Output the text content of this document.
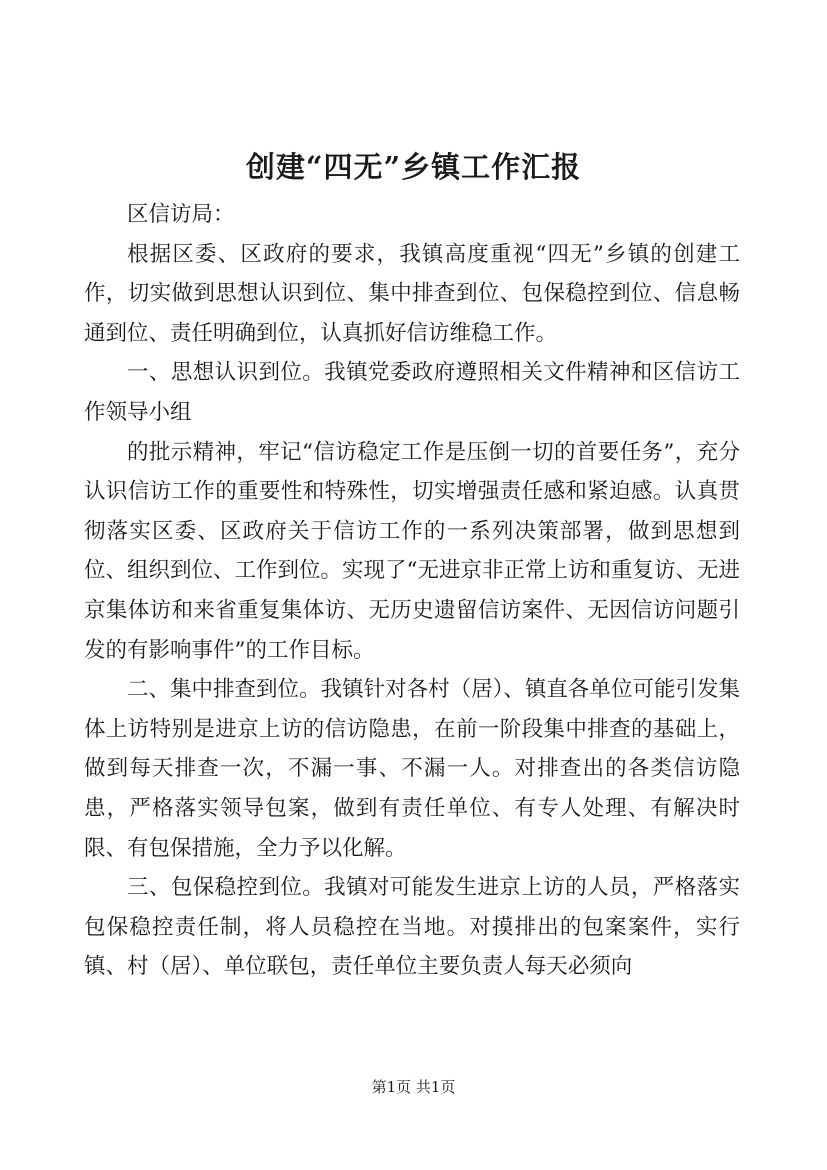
创建“四无”乡镇工作汇报

区信访局：

根据区委、区政府的要求，我镇高度重视“四无”乡镇的创建工作，切实做到思想认识到位、集中排查到位、包保稳控到位、信息畅通到位、责任明确到位，认真抓好信访维稳工作。

一、思想认识到位。我镇党委政府遵照相关文件精神和区信访工作领导小组

的批示精神，牢记“信访稳定工作是压倒一切的首要任务”，充分认识信访工作的重要性和特殊性，切实增强责任感和紧迫感。认真贯彻落实区委、区政府关于信访工作的一系列决策部署，做到思想到位、组织到位、工作到位。实现了“无进京非正常上访和重复访、无进京集体访和来省重复集体访、无历史遗留信访案件、无因信访问题引发的有影响事件”的工作目标。

二、集中排查到位。我镇针对各村（居）、镇直各单位可能引发集体上访特别是进京上访的信访隐患，在前一阶段集中排查的基础上，做到每天排查一次，不漏一事、不漏一人。对排查出的各类信访隐患，严格落实领导包案，做到有责任单位、有专人处理、有解决时限、有包保措施，全力予以化解。

三、包保稳控到位。我镇对可能发生进京上访的人员，严格落实包保稳控责任制，将人员稳控在当地。对摸排出的包案案件，实行镇、村（居）、单位联包，责任单位主要负责人每天必须向

第1页 共1页
